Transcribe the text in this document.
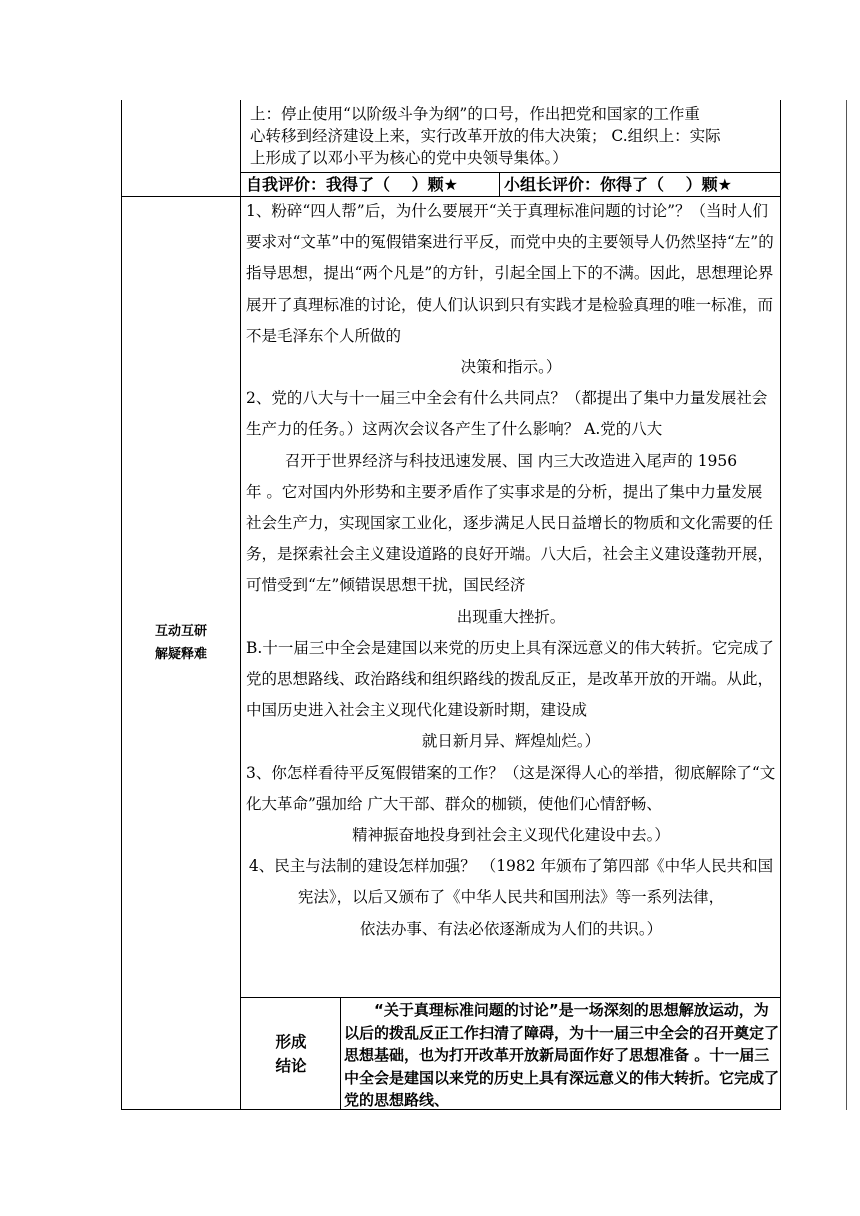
上：停止使用“以阶级斗争为纲”的口号，作出把党和国家的工作重
心转移到经济建设上来，实行改革开放的伟大决策； C.组织上：实际
上形成了以邓小平为核心的党中央领导集体。）
自我评价：我得了（　 ）颗★	小组长评价：你得了（　 ）颗★
互动互研
解疑释难

1、粉碎“四人帮”后，为什么要展开“关于真理标准问题的讨论”？（当时人们要求对“文革”中的冤假错案进行平反，而党中央的主要领导人仍然坚持“左”的指导思想，提出“两个凡是”的方针，引起全国上下的不满。因此，思想理论界展开了真理标准的讨论，使人们认识到只有实践才是检验真理的唯一标准，而不是毛泽东个人所做的

决策和指示。）

2、党的八大与十一届三中全会有什么共同点？（都提出了集中力量发展社会生产力的任务。）这两次会议各产生了什么影响？ A.党的八大

召开于世界经济与科技迅速发展、国 内三大改造进入尾声的 1956

年 。它对国内外形势和主要矛盾作了实事求是的分析，提出了集中力量发展社会生产力，实现国家工业化，逐步满足人民日益增长的物质和文化需要的任务，是探索社会主义建设道路的良好开端。八大后，社会主义建设蓬勃开展，可惜受到“左”倾错误思想干扰，国民经济

出现重大挫折。

B.十一届三中全会是建国以来党的历史上具有深远意义的伟大转折。它完成了党的思想路线、政治路线和组织路线的拨乱反正，是改革开放的开端。从此，中国历史进入社会主义现代化建设新时期，建设成

就日新月异、辉煌灿烂。）

3、你怎样看待平反冤假错案的工作？（这是深得人心的举措，彻底解除了“文化大革命”强加给 广大干部、群众的枷锁，使他们心情舒畅、

精神振奋地投身到社会主义现代化建设中去。）

4、民主与法制的建设怎样加强？ （1982 年颁布了第四部《中华人民共和国宪法》，以后又颁布了《中华人民共和国刑法》等一系列法律，

依法办事、有法必依逐渐成为人们的共识。）

形成
结论
“关于真理标准问题的讨论”是一场深刻的思想解放运动，为以后的拨乱反正工作扫清了障碍，为十一届三中全会的召开奠定了思想基础，也为打开改革开放新局面作好了思想准备 。十一届三中全会是建国以来党的历史上具有深远意义的伟大转折。它完成了党的思想路线、
